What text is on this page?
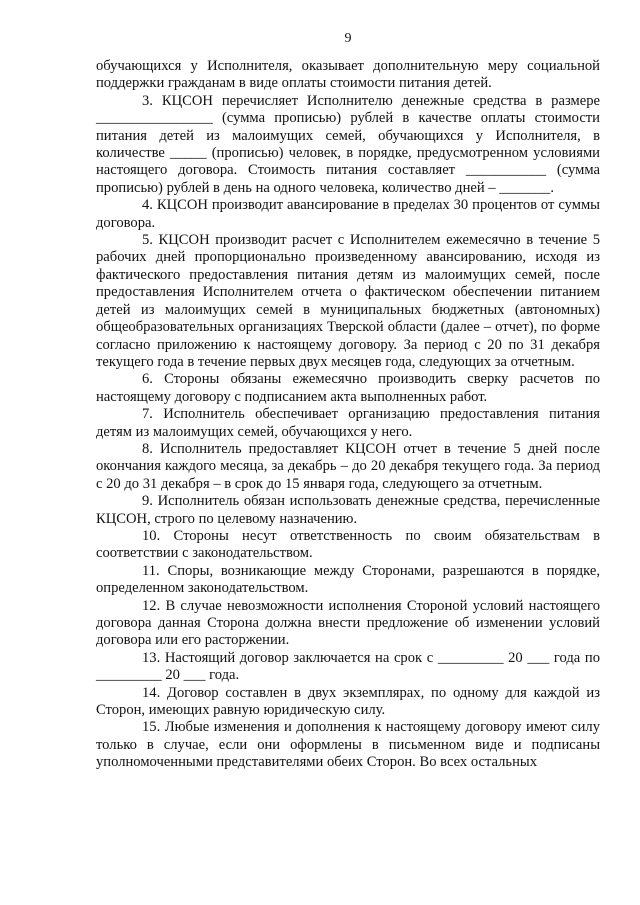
9

обучающихся у Исполнителя, оказывает дополнительную меру социальной поддержки гражданам в виде оплаты стоимости питания детей.

3. КЦСОН перечисляет Исполнителю денежные средства в размере ________________ (сумма прописью) рублей в качестве оплаты стоимости питания детей из малоимущих семей, обучающихся у Исполнителя, в количестве _____ (прописью) человек, в порядке, предусмотренном условиями настоящего договора. Стоимость питания составляет ___________ (сумма прописью) рублей в день на одного человека, количество дней – _______.

4. КЦСОН производит авансирование в пределах 30 процентов от суммы договора.

5. КЦСОН производит расчет с Исполнителем ежемесячно в течение 5 рабочих дней пропорционально произведенному авансированию, исходя из фактического предоставления питания детям из малоимущих семей, после предоставления Исполнителем отчета о фактическом обеспечении питанием детей из малоимущих семей в муниципальных бюджетных (автономных) общеобразовательных организациях Тверской области (далее – отчет), по форме согласно приложению к настоящему договору. За период с 20 по 31 декабря текущего года в течение первых двух месяцев года, следующих за отчетным.

6. Стороны обязаны ежемесячно производить сверку расчетов по настоящему договору с подписанием акта выполненных работ.

7. Исполнитель обеспечивает организацию предоставления питания детям из малоимущих семей, обучающихся у него.

8. Исполнитель предоставляет КЦСОН отчет в течение 5 дней после окончания каждого месяца, за декабрь – до 20 декабря текущего года. За период с 20 до 31 декабря – в срок до 15 января года, следующего за отчетным.

9. Исполнитель обязан использовать денежные средства, перечисленные КЦСОН, строго по целевому назначению.

10. Стороны несут ответственность по своим обязательствам в соответствии с законодательством.

11. Споры, возникающие между Сторонами, разрешаются в порядке, определенном законодательством.

12. В случае невозможности исполнения Стороной условий настоящего договора данная Сторона должна внести предложение об изменении условий договора или его расторжении.

13. Настоящий договор заключается на срок с _________ 20 ___ года по _________ 20 ___ года.

14. Договор составлен в двух экземплярах, по одному для каждой из Сторон, имеющих равную юридическую силу.

15. Любые изменения и дополнения к настоящему договору имеют силу только в случае, если они оформлены в письменном виде и подписаны уполномоченными представителями обеих Сторон. Во всех остальных
